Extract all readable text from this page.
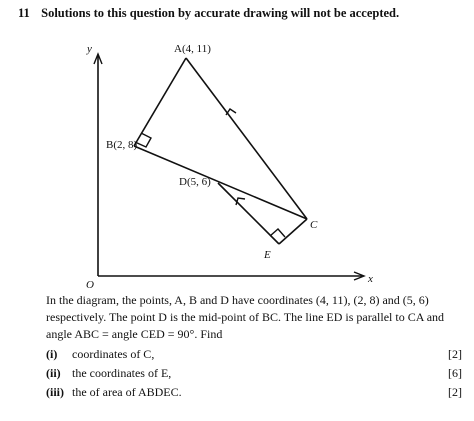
11 Solutions to this question by accurate drawing will not be accepted.
y
x
O
A(4, 11)
B(2, 8)
D(5, 6)
C
E

In the diagram, the points, A, B and D have coordinates (4, 11), (2, 8) and (5, 6)

respectively. The point D is the mid-point of BC. The line ED is parallel to CA and

angle ABC = angle CED = 90°. Find

(i) coordinates of C,	[2]
(ii) the coordinates of E,	[6]
(iii) the of area of ABDEC.	[2]
